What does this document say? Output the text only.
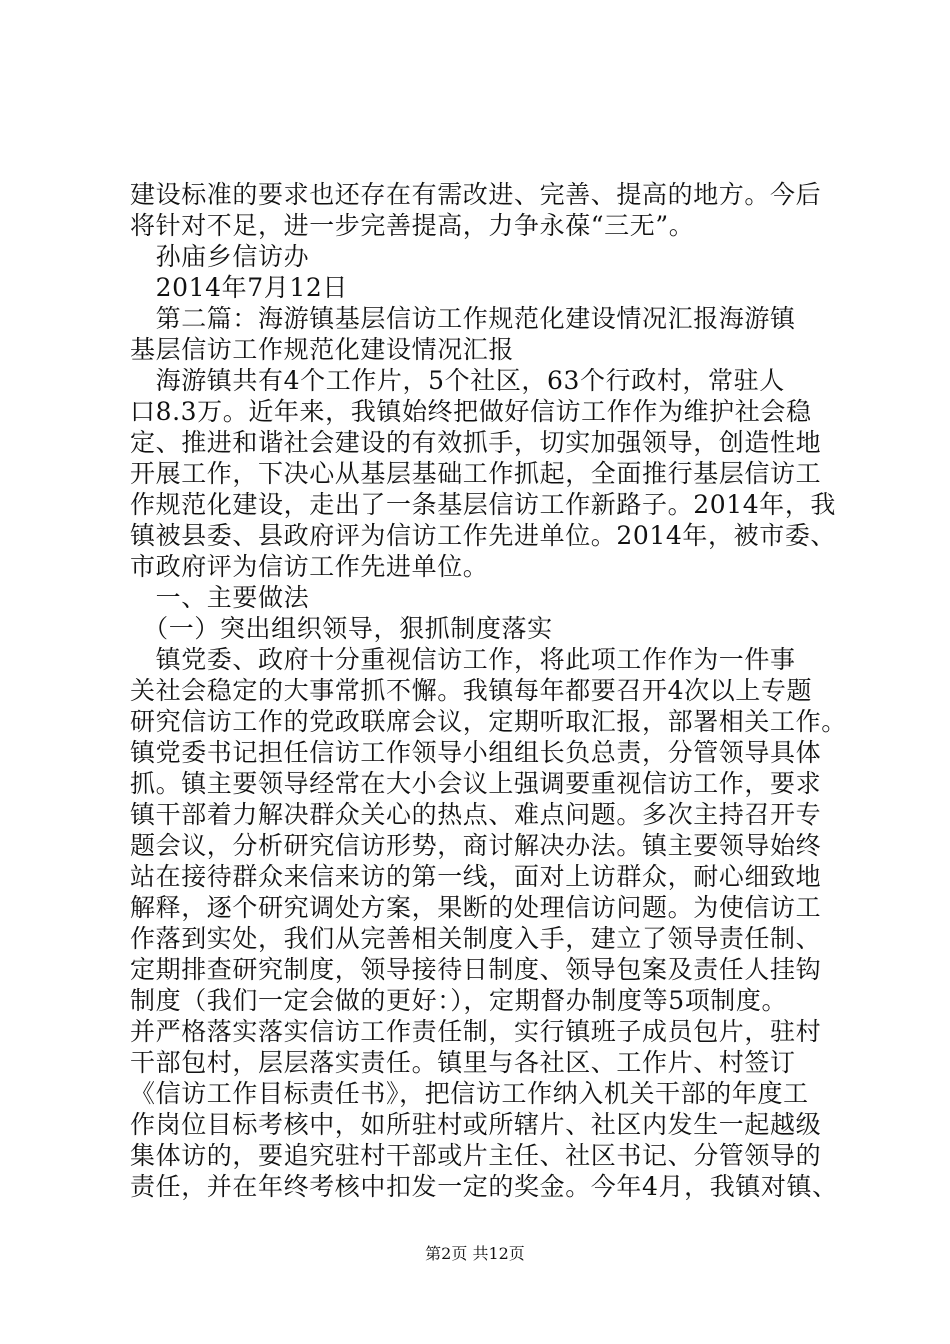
建设标准的要求也还存在有需改进、完善、提高的地方。今后
将针对不足，进一步完善提高，力争永葆“三无”。
　孙庙乡信访办
　2014年7月12日
　第二篇：海游镇基层信访工作规范化建设情况汇报海游镇
基层信访工作规范化建设情况汇报
　海游镇共有4个工作片，5个社区，63个行政村，常驻人
口8.3万。近年来，我镇始终把做好信访工作作为维护社会稳
定、推进和谐社会建设的有效抓手，切实加强领导，创造性地
开展工作，下决心从基层基础工作抓起，全面推行基层信访工
作规范化建设，走出了一条基层信访工作新路子。2014年，我
镇被县委、县政府评为信访工作先进单位。2014年，被市委、
市政府评为信访工作先进单位。
　一、主要做法
　（一）突出组织领导，狠抓制度落实
　镇党委、政府十分重视信访工作，将此项工作作为一件事
关社会稳定的大事常抓不懈。我镇每年都要召开4次以上专题
研究信访工作的党政联席会议，定期听取汇报，部署相关工作。
镇党委书记担任信访工作领导小组组长负总责，分管领导具体
抓。镇主要领导经常在大小会议上强调要重视信访工作，要求
镇干部着力解决群众关心的热点、难点问题。多次主持召开专
题会议，分析研究信访形势，商讨解决办法。镇主要领导始终
站在接待群众来信来访的第一线，面对上访群众，耐心细致地
解释，逐个研究调处方案，果断的处理信访问题。为使信访工
作落到实处，我们从完善相关制度入手，建立了领导责任制、
定期排查研究制度，领导接待日制度、领导包案及责任人挂钩
制度（我们一定会做的更好：），定期督办制度等5项制度。
并严格落实落实信访工作责任制，实行镇班子成员包片，驻村
干部包村，层层落实责任。镇里与各社区、工作片、村签订
《信访工作目标责任书》，把信访工作纳入机关干部的年度工
作岗位目标考核中，如所驻村或所辖片、社区内发生一起越级
集体访的，要追究驻村干部或片主任、社区书记、分管领导的
责任，并在年终考核中扣发一定的奖金。今年4月，我镇对镇、
第2页 共12页
